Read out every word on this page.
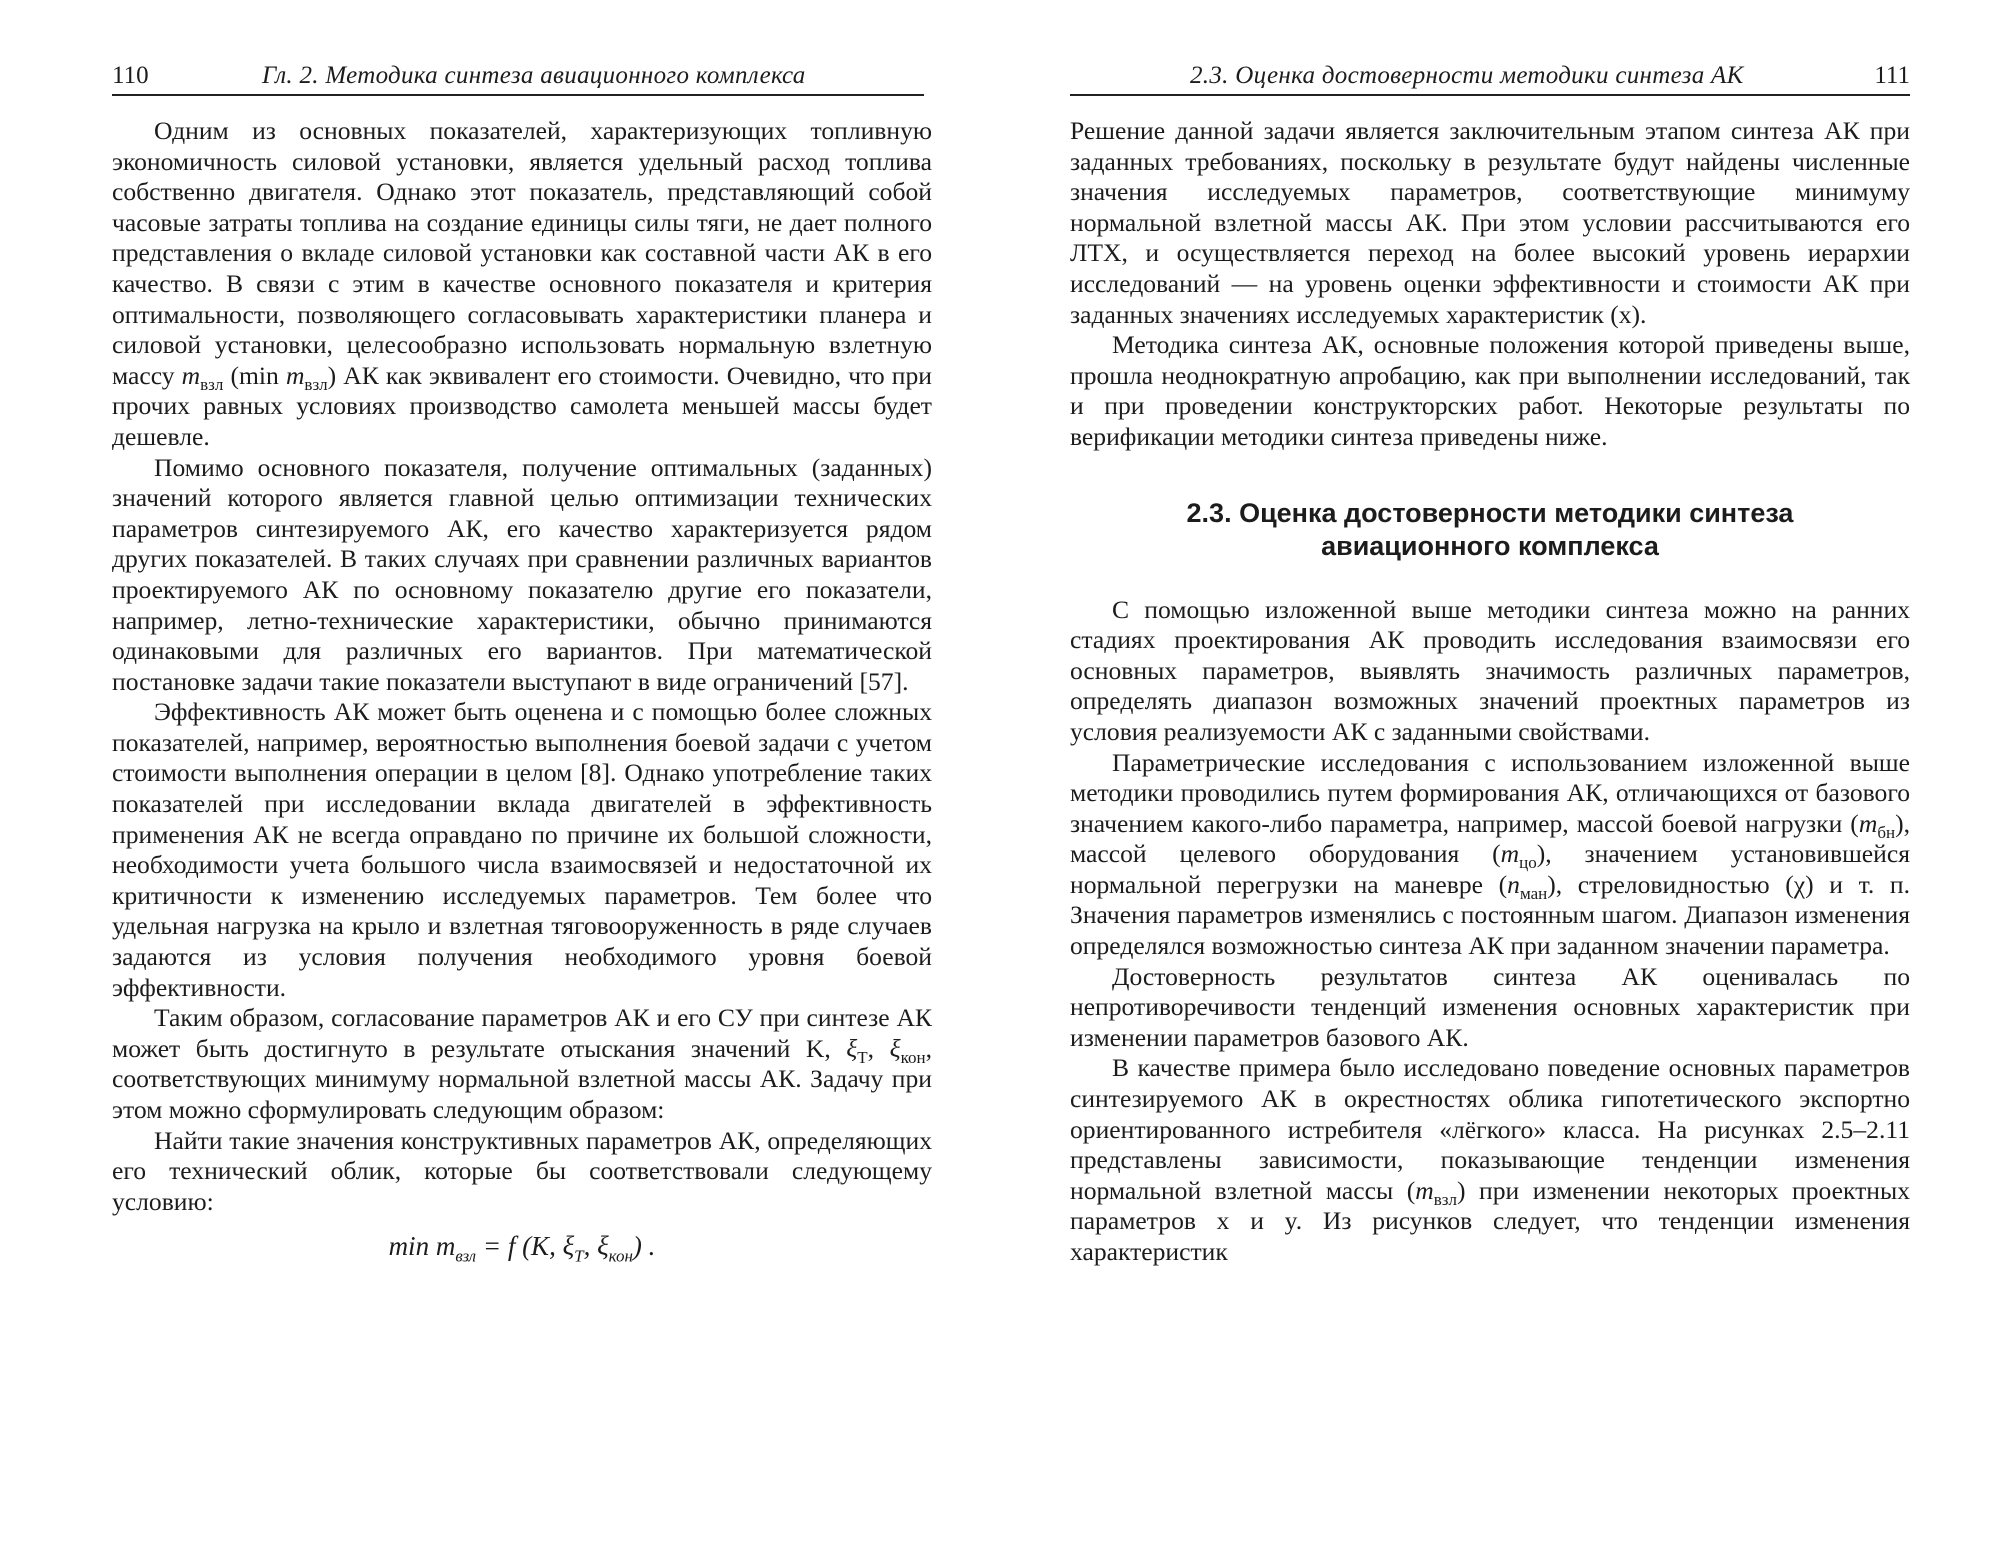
110	Гл. 2. Методика синтеза авиационного комплекса

Одним из основных показателей, характеризующих топливную экономичность силовой установки, является удельный расход топлива собственно двигателя. Однако этот показатель, представляющий собой часовые затраты топлива на создание единицы силы тяги, не дает полного представления о вкладе силовой установки как составной части АК в его качество. В связи с этим в качестве основного показателя и критерия оптимальности, позволяющего согласовывать характеристики планера и силовой установки, целесообразно использовать нормальную взлетную массу $m_{взл}$ (min $m_{взл}$) АК как эквивалент его стоимости. Очевидно, что при прочих равных условиях производство самолета меньшей массы будет дешевле.

Помимо основного показателя, получение оптимальных (заданных) значений которого является главной целью оптимизации технических параметров синтезируемого АК, его качество характеризуется рядом других показателей. В таких случаях при сравнении различных вариантов проектируемого АК по основному показателю другие его показатели, например, летно-технические характеристики, обычно принимаются одинаковыми для различных его вариантов. При математической постановке задачи такие показатели выступают в виде ограничений [57].

Эффективность АК может быть оценена и с помощью более сложных показателей, например, вероятностью выполнения боевой задачи с учетом стоимости выполнения операции в целом [8]. Однако употребление таких показателей при исследовании вклада двигателей в эффективность применения АК не всегда оправдано по причине их большой сложности, необходимости учета большого числа взаимосвязей и недостаточной их критичности к изменению исследуемых параметров. Тем более что удельная нагрузка на крыло и взлетная тяговооруженность в ряде случаев задаются из условия получения необходимого уровня боевой эффективности.

Таким образом, согласование параметров АК и его СУ при синтезе АК может быть достигнуто в результате отыскания значений K, $\xi_Т$, $\xi_{кон}$, соответствующих минимуму нормальной взлетной массы АК. Задачу при этом можно сформулировать следующим образом:

Найти такие значения конструктивных параметров АК, определяющих его технический облик, которые бы соответствовали следующему условию:

$\min m_{взл} = f$ (K, $\xi_Т$, $\xi_{кон}$) .
2.3. Оценка достоверности методики синтеза АК	111

Решение данной задачи является заключительным этапом синтеза АК при заданных требованиях, поскольку в результате будут найдены численные значения исследуемых параметров, соответствующие минимуму нормальной взлетной массы АК. При этом условии рассчитываются его ЛТХ, и осуществляется переход на более высокий уровень иерархии исследований — на уровень оценки эффективности и стоимости АК при заданных значениях исследуемых характеристик (x).

Методика синтеза АК, основные положения которой приведены выше, прошла неоднократную апробацию, как при выполнении исследований, так и при проведении конструкторских работ. Некоторые результаты по верификации методики синтеза приведены ниже.

2.3. Оценка достоверности методики синтеза авиационного комплекса

С помощью изложенной выше методики синтеза можно на ранних стадиях проектирования АК проводить исследования взаимосвязи его основных параметров, выявлять значимость различных параметров, определять диапазон возможных значений проектных параметров из условия реализуемости АК с заданными свойствами.

Параметрические исследования с использованием изложенной выше методики проводились путем формирования АК, отличающихся от базового значением какого-либо параметра, например, массой боевой нагрузки $(m_{бн})$, массой целевого оборудования $(m_{цо})$, значением установившейся нормальной перегрузки на маневре $(n_{ман})$, стреловидностью (χ) и т. п. Значения параметров изменялись с постоянным шагом. Диапазон изменения определялся возможностью синтеза АК при заданном значении параметра.

Достоверность результатов синтеза АК оценивалась по непротиворечивости тенденций изменения основных характеристик при изменении параметров базового АК.

В качестве примера было исследовано поведение основных параметров синтезируемого АК в окрестностях облика гипотетического экспортно ориентированного истребителя «лёгкого» класса. На рисунках 2.5–2.11 представлены зависимости, показывающие тенденции изменения нормальной взлетной массы $(m_{взл})$ при изменении некоторых проектных параметров x и y. Из рисунков следует, что тенденции изменения характеристик
